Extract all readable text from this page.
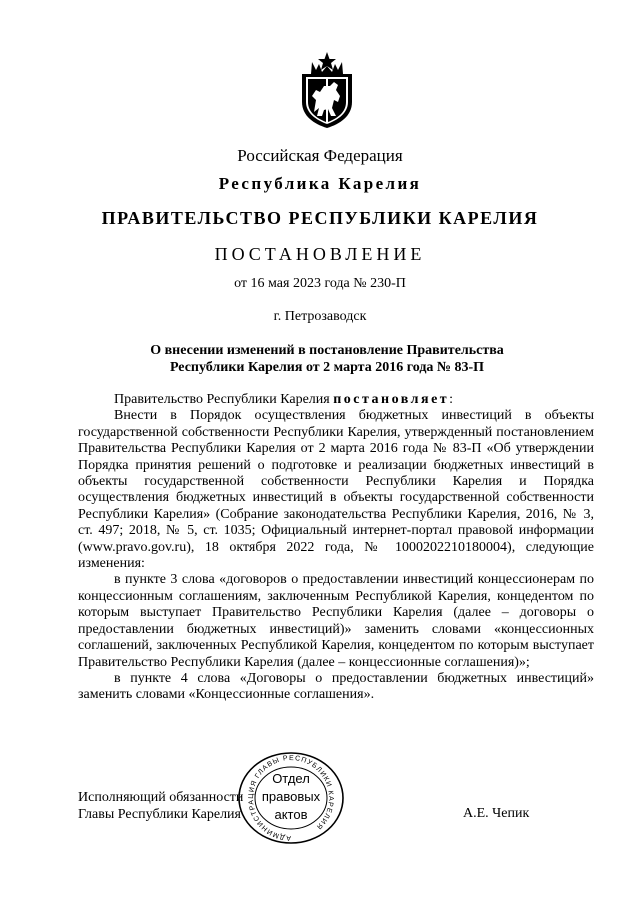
Российская Федерация
Республика Карелия
ПРАВИТЕЛЬСТВО РЕСПУБЛИКИ КАРЕЛИЯ
ПОСТАНОВЛЕНИЕ
от 16 мая 2023 года № 230-П
г. Петрозаводск
О внесении изменений в постановление Правительства
Республики Карелия от 2 марта 2016 года № 83-П

Правительство Республики Карелия постановляет:

Внести в Порядок осуществления бюджетных инвестиций в объекты государственной собственности Республики Карелия, утвержденный постановлением Правительства Республики Карелия от 2 марта 2016 года № 83-П «Об утверждении Порядка принятия решений о подготовке и реализации бюджетных инвестиций в объекты государственной собственности Республики Карелия и Порядка осуществления бюджетных инвестиций в объекты государственной собственности Республики Карелия» (Собрание законодательства Республики Карелия, 2016, № 3, ст. 497; 2018, № 5, ст. 1035; Официальный интернет-портал правовой информации (www.pravo.gov.ru), 18 октября 2022 года, № 1000202210180004), следующие изменения:

в пункте 3 слова «договоров о предоставлении инвестиций концессионерам по концессионным соглашениям, заключенным Республикой Карелия, концедентом по которым выступает Правительство Республики Карелия (далее – договоры о предоставлении бюджетных инвестиций)» заменить словами «концессионных соглашений, заключенных Республикой Карелия, концедентом по которым выступает Правительство Республики Карелия (далее – концессионные соглашения)»;

в пункте 4 слова «Договоры о предоставлении бюджетных инвестиций» заменить словами «Концессионные соглашения».

Исполняющий обязанности
Главы Республики Карелия	А.Е. Чепик
АДМИНИСТРАЦИЯ ГЛАВЫ РЕСПУБЛИКИ КАРЕЛИЯ
Отдел
правовых
актов
